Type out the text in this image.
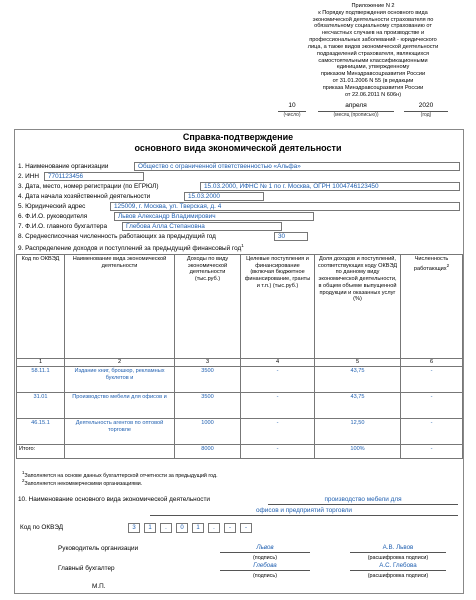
Приложение N 2
к Порядку подтверждения основного вида
экономической деятельности страхователя по
обязательному социальному страхованию от
несчастных случаев на производстве и
профессиональных заболеваний - юридического
лица, а также видов экономической деятельности
подразделений страхователя, являющихся
самостоятельными классификационными
единицами, утвержденному
приказом Минздравсоцразвития России
от 31.01.2006 N 55 (в редакции
приказа Минздравсоцразвития России
от 22.06.2011 N 606н)
10	апреля	2020
(число)	(месяц (прописью))	(год)
Справка-подтверждение
основного вида экономической деятельности
1. Наименование организации	Общество с ограниченной ответственностью «Альфа»
2. ИНН	7701123456
3. Дата, место, номер регистрации (по ЕГРЮЛ)	15.03.2000, ИФНС № 1 по г. Москва, ОГРН 1004746123450
4. Дата начала хозяйственной деятельности	15.03.2000
5. Юридический адрес	125009, г. Москва, ул. Тверская, д. 4
6. Ф.И.О. руководителя	Львов Александр Владимирович
7. Ф.И.О. главного бухгалтера	Глебова Алла Степановна
8. Среднесписочная численность работающих за предыдущий год	30
9. Распределение доходов и поступлений за предыдущий финансовый год$^1$
Код по ОКВЭД	Наименование вида экономической деятельности	Доходы по виду экономической деятельности (тыс.руб.)	Целевые поступления и финансирование (включая бюджетное финансирование, гранты и т.п.) (тыс.руб.)	Доля доходов и поступлений, соответствующих коду ОКВЭД по данному виду экономической деятельности, в общем объеме выпущенной продукции и оказанных услуг (%)	Численность работающих$^2$
1	2	3	4	5	6
58.11.1	Издание книг, брошюр, рекламных буклетов и	3500	-	43,75	-
31.01	Производство мебели для офисов и	3500	-	43,75	-
46.15.1	Деятельность агентов по оптовой торговле	1000	-	12,50	-
Итого:		8000	-	100%	-
$^1$Заполняется на основе данных бухгалтерской отчетности за предыдущий год.
$^2$Заполняется некоммерческими организациями.
10. Наименование основного вида экономической деятельности	производство мебели для
офисов и предприятий торговли
Код по ОКВЭД	3	1	.	0	1	.	-	-
Руководитель организации	Львов
(подпись)
А.В. Львов
(расшифровка подписи)
Главный бухгалтер	Глебова
(подпись)
А.С. Глебова
(расшифровка подписи)
М.П.
